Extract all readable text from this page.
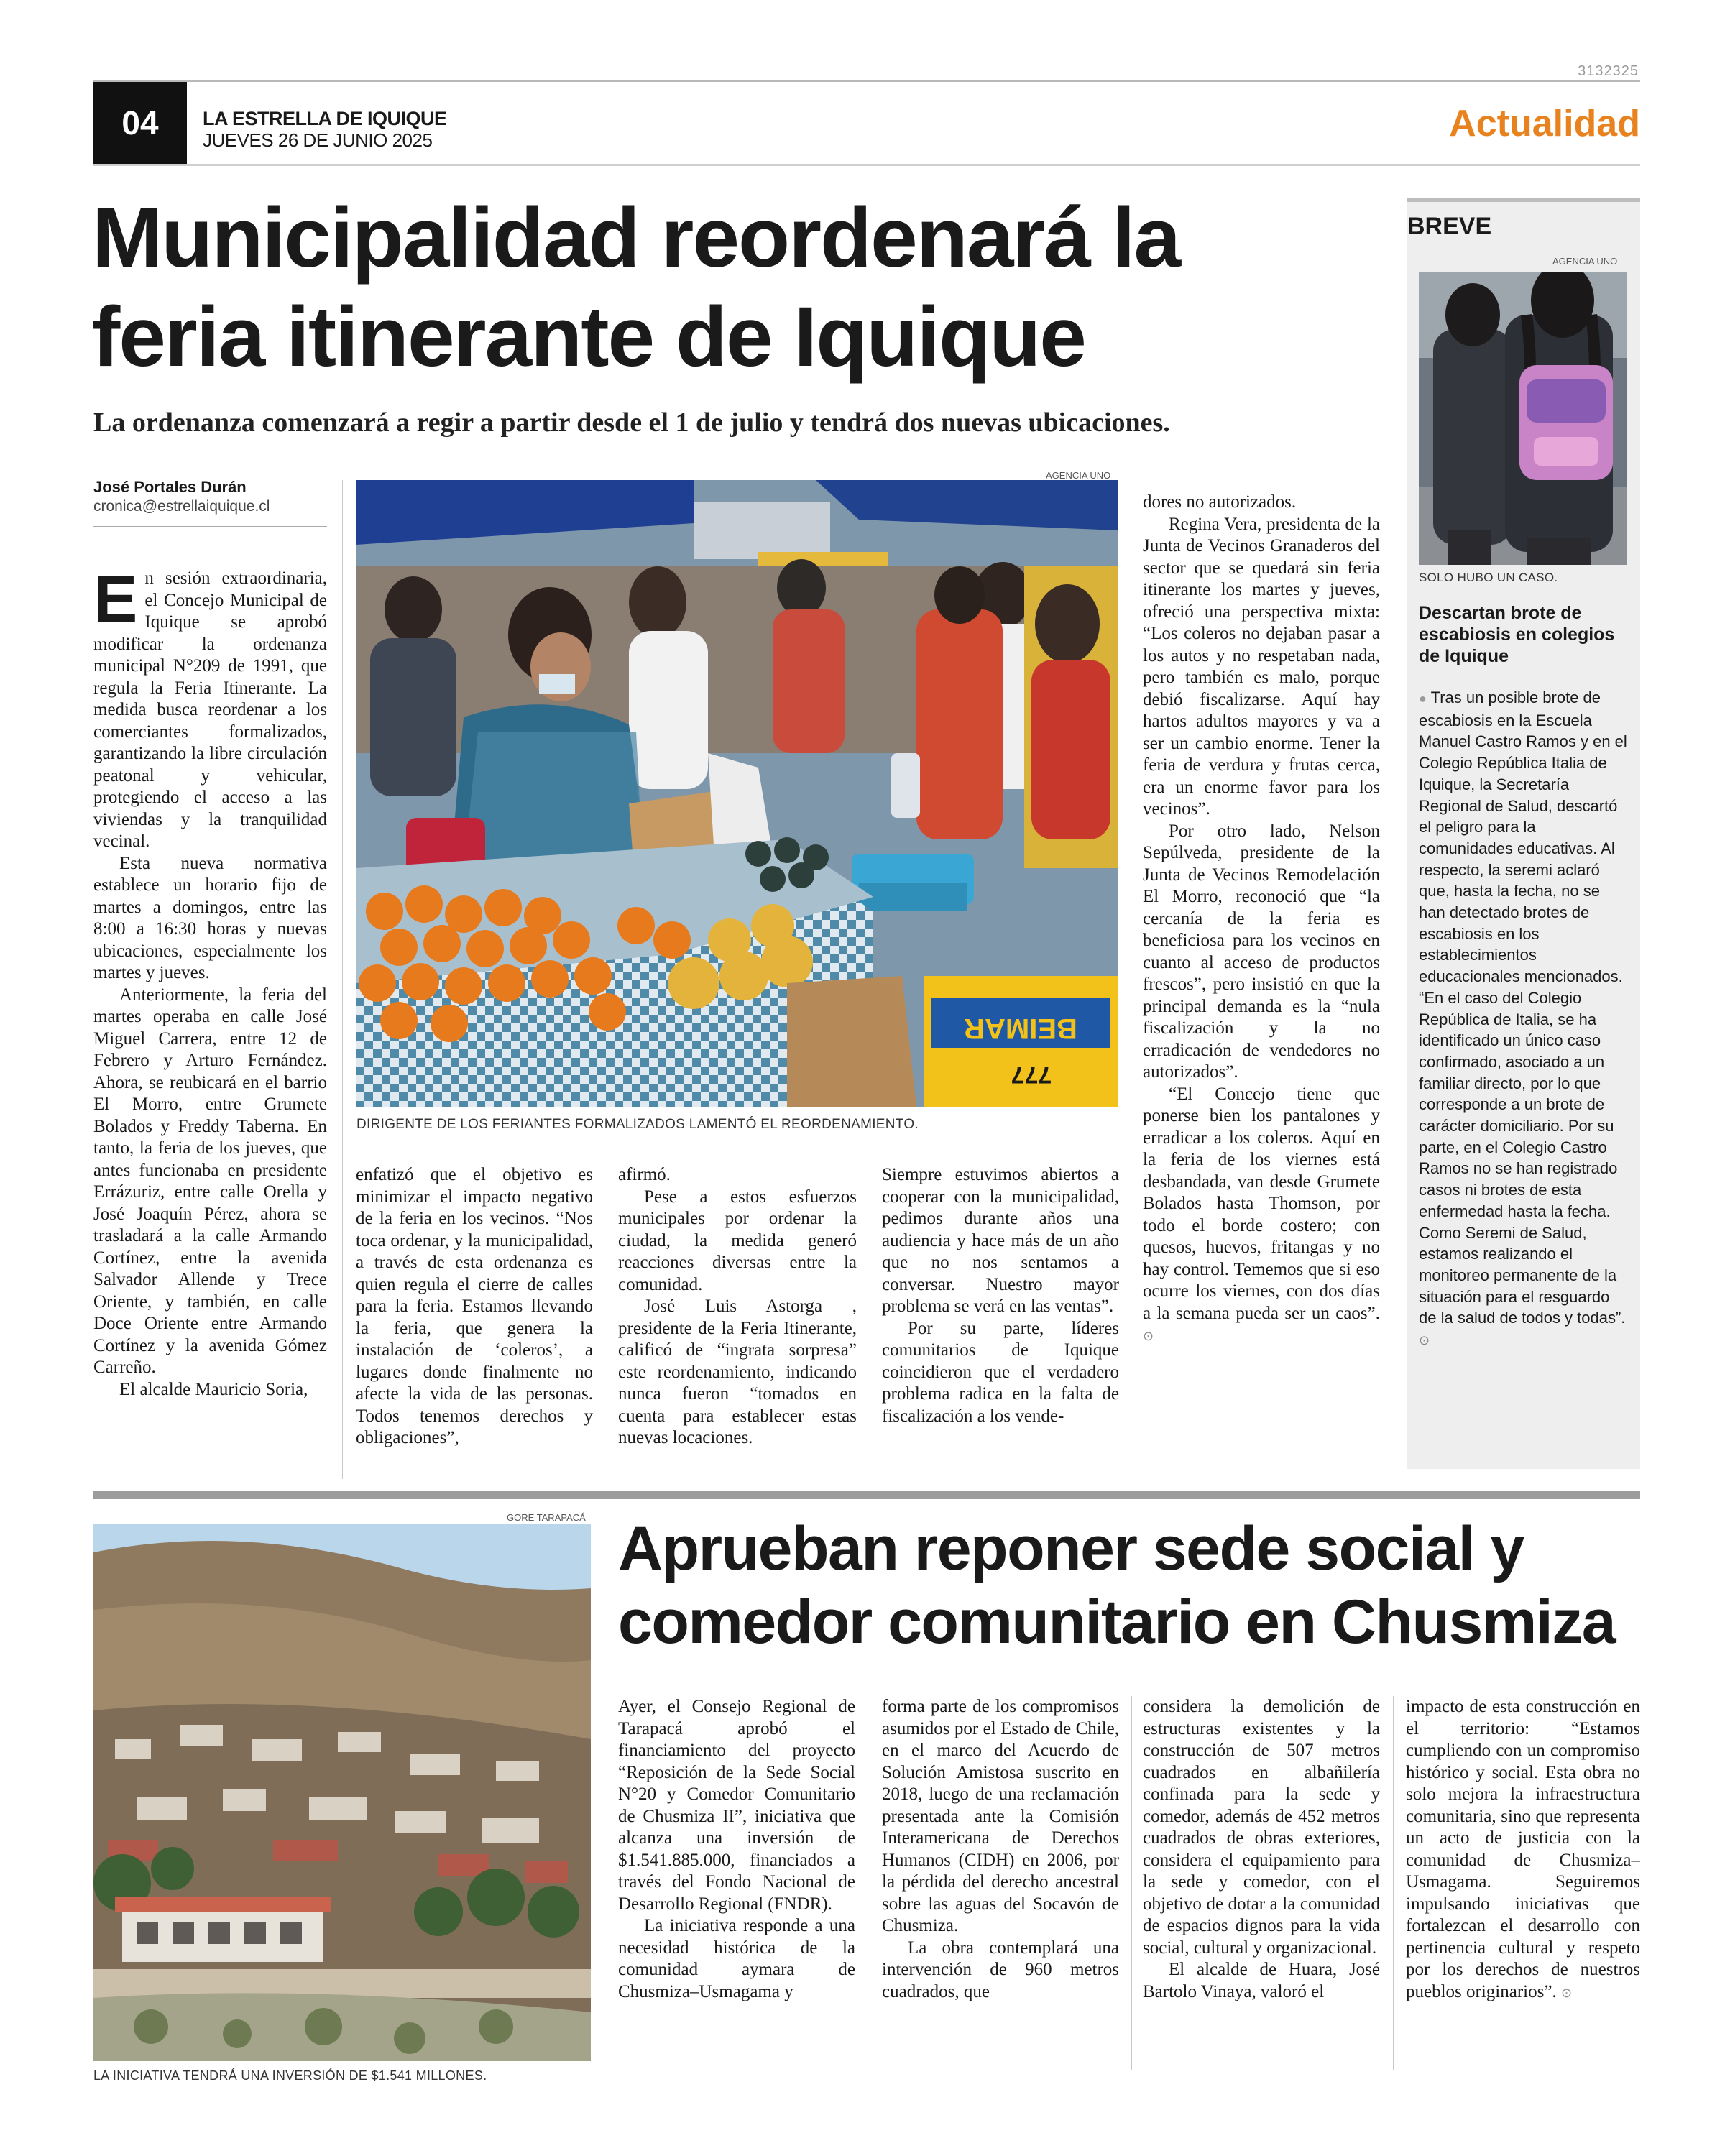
3132325
04	LA ESTRELLA DE IQUIQUE
JUEVES 26 DE JUNIO 2025	Actualidad
Municipalidad reordenará la feria itinerante de Iquique
La ordenanza comenzará a regir a partir desde el 1 de julio y tendrá dos nuevas ubicaciones.
José Portales Durán
cronica@estrellaiquique.cl

En sesión extraordinaria, el Concejo Municipal de Iquique se aprobó modificar la ordenanza municipal N°209 de 1991, que regula la Feria Itinerante. La medida busca reordenar a los comerciantes formalizados, garantizando la libre circulación peatonal y vehicular, protegiendo el acceso a las viviendas y la tranquilidad vecinal.

Esta nueva normativa establece un horario fijo de martes a domingos, entre las 8:00 a 16:30 horas y nuevas ubicaciones, especialmente los martes y jueves.

Anteriormente, la feria del martes operaba en calle José Miguel Carrera, entre 12 de Febrero y Arturo Fernández. Ahora, se reubicará en el barrio El Morro, entre Grumete Bolados y Freddy Taberna. En tanto, la feria de los jueves, que antes funcionaba en presidente Errázuriz, entre calle Orella y José Joaquín Pérez, ahora se trasladará a la calle Armando Cortínez, entre la avenida Salvador Allende y Trece Oriente, y también, en calle Doce Oriente entre Armando Cortínez y la avenida Gómez Carreño.

El alcalde Mauricio Soria,

BEIMAR
777
AGENCIA UNO
DIRIGENTE DE LOS FERIANTES FORMALIZADOS LAMENTÓ EL REORDENAMIENTO.

enfatizó que el objetivo es minimizar el impacto negativo de la feria en los vecinos. “Nos toca ordenar, y la municipalidad, a través de esta ordenanza es quien regula el cierre de calles para la feria. Estamos llevando la feria, que genera la instalación de ‘coleros’, a lugares donde finalmente no afecte la vida de las personas. Todos tenemos derechos y obligaciones”,

afirmó.

Pese a estos esfuerzos municipales por ordenar la ciudad, la medida generó reacciones diversas entre la comunidad.

José Luis Astorga , presidente de la Feria Itinerante, calificó de “ingrata sorpresa” este reordenamiento, indicando nunca fueron “tomados en cuenta para establecer estas nuevas locaciones.

Siempre estuvimos abiertos a cooperar con la municipalidad, pedimos durante años una audiencia y hace más de un año que no nos sentamos a conversar. Nuestro mayor problema se verá en las ventas”.

Por su parte, líderes comunitarios de Iquique coincidieron que el verdadero problema radica en la falta de fiscalización a los vende-

dores no autorizados.

Regina Vera, presidenta de la Junta de Vecinos Granaderos del sector que se quedará sin feria itinerante los martes y jueves, ofreció una perspectiva mixta: “Los coleros no dejaban pasar a los autos y no respetaban nada, pero también es malo, porque debió fiscalizarse. Aquí hay hartos adultos mayores y va a ser un cambio enorme. Tener la feria de verdura y frutas cerca, era un enorme favor para los vecinos”.

Por otro lado, Nelson Sepúlveda, presidente de la Junta de Vecinos Remodelación El Morro, reconoció que “la cercanía de la feria es beneficiosa para los vecinos en cuanto al acceso de productos frescos”, pero insistió en que la principal demanda es la “nula fiscalización y la no erradicación de vendedores no autorizados”.

“El Concejo tiene que ponerse bien los pantalones y erradicar a los coleros. Aquí en la feria de los viernes está desbandada, van desde Grumete Bolados hasta Thomson, por todo el borde costero; con quesos, huevos, fritangas y no hay control. Tememos que si eso ocurre los viernes, con dos días a la semana pueda ser un caos”. ⊙

BREVE
AGENCIA UNO
SOLO HUBO UN CASO.
Descartan brote de escabiosis en colegios de Iquique
● Tras un posible brote de escabiosis en la Escuela Manuel Castro Ramos y en el Colegio República Italia de Iquique, la Secretaría Regional de Salud, descartó el peligro para la comunidades educativas. Al respecto, la seremi aclaró que, hasta la fecha, no se han detectado brotes de escabiosis en los establecimientos educacionales mencionados. “En el caso del Colegio República de Italia, se ha identificado un único caso confirmado, asociado a un familiar directo, por lo que corresponde a un brote de carácter domiciliario. Por su parte, en el Colegio Castro Ramos no se han registrado casos ni brotes de esta enfermedad hasta la fecha. Como Seremi de Salud, estamos realizando el monitoreo permanente de la situación para el resguardo de la salud de todos y todas”. ⊙
GORE TARAPACÁ
LA INICIATIVA TENDRÁ UNA INVERSIÓN DE $1.541 MILLONES.
Aprueban reponer sede social y comedor comunitario en Chusmiza

Ayer, el Consejo Regional de Tarapacá aprobó el financiamiento del proyecto “Reposición de la Sede Social N°20 y Comedor Comunitario de Chusmiza II”, iniciativa que alcanza una inversión de $1.541.885.000, financiados a través del Fondo Nacional de Desarrollo Regional (FNDR).

La iniciativa responde a una necesidad histórica de la comunidad aymara de Chusmiza–Usmagama y

forma parte de los compromisos asumidos por el Estado de Chile, en el marco del Acuerdo de Solución Amistosa suscrito en 2018, luego de una reclamación presentada ante la Comisión Interamericana de Derechos Humanos (CIDH) en 2006, por la pérdida del derecho ancestral sobre las aguas del Socavón de Chusmiza.

La obra contemplará una intervención de 960 metros cuadrados, que

considera la demolición de estructuras existentes y la construcción de 507 metros cuadrados en albañilería confinada para la sede y comedor, además de 452 metros cuadrados de obras exteriores, considera el equipamiento para la sede y comedor, con el objetivo de dotar a la comunidad de espacios dignos para la vida social, cultural y organizacional.

El alcalde de Huara, José Bartolo Vinaya, valoró el

impacto de esta construcción en el territorio: “Estamos cumpliendo con un compromiso histórico y social. Esta obra no solo mejora la infraestructura comunitaria, sino que representa un acto de justicia con la comunidad de Chusmiza–Usmagama. Seguiremos impulsando iniciativas que fortalezcan el desarrollo con pertinencia cultural y respeto por los derechos de nuestros pueblos originarios”. ⊙
